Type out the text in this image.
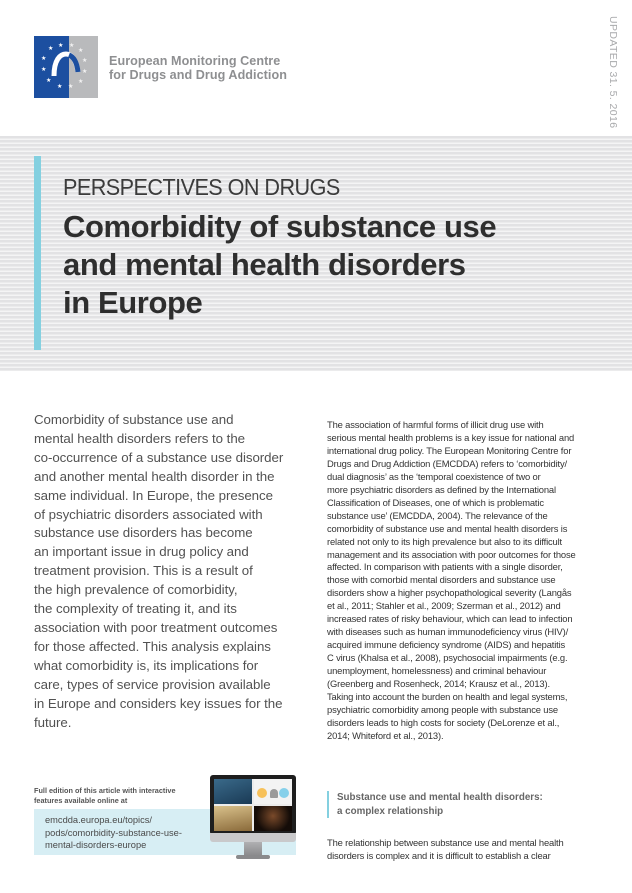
★ ★ ★
★
★	★
★	★
★	★
★ ★
European Monitoring Centre
for Drugs and Drug Addiction	UPDATED 31. 5. 2016
PERSPECTIVES ON DRUGS
Comorbidity of substance use
and mental health disorders
in Europe
Comorbidity of substance use and
mental health disorders refers to the
co-occurrence of a substance use disorder
and another mental health disorder in the
same individual. In Europe, the presence
of psychiatric disorders associated with
substance use disorders has become
an important issue in drug policy and
treatment provision. This is a result of
the high prevalence of comorbidity,
the complexity of treating it, and its
association with poor treatment outcomes
for those affected. This analysis explains
what comorbidity is, its implications for
care, types of service provision available
in Europe and considers key issues for the
future.
Full edition of this article with interactive
features available online at
emcdda.europa.eu/topics/
pods/comorbidity-substance-use-
mental-disorders-europe
The association of harmful forms of illicit drug use with
serious mental health problems is a key issue for national and
international drug policy. The European Monitoring Centre for
Drugs and Drug Addiction (EMCDDA) refers to ‘comorbidity/
dual diagnosis’ as the ‘temporal coexistence of two or
more psychiatric disorders as defined by the International
Classification of Diseases, one of which is problematic
substance use’ (EMCDDA, 2004). The relevance of the
comorbidity of substance use and mental health disorders is
related not only to its high prevalence but also to its difficult
management and its association with poor outcomes for those
affected. In comparison with patients with a single disorder,
those with comorbid mental disorders and substance use
disorders show a higher psychopathological severity (Langås
et al., 2011; Stahler et al., 2009; Szerman et al., 2012) and
increased rates of risky behaviour, which can lead to infection
with diseases such as human immunodeficiency virus (HIV)/
acquired immune deficiency syndrome (AIDS) and hepatitis
C virus (Khalsa et al., 2008), psychosocial impairments (e.g.
unemployment, homelessness) and criminal behaviour
(Greenberg and Rosenheck, 2014; Krausz et al., 2013).
Taking into account the burden on health and legal systems,
psychiatric comorbidity among people with substance use
disorders leads to high costs for society (DeLorenze et al.,
2014; Whiteford et al., 2013).
Substance use and mental health disorders:
a complex relationship
The relationship between substance use and mental health
disorders is complex and it is difficult to establish a clear
